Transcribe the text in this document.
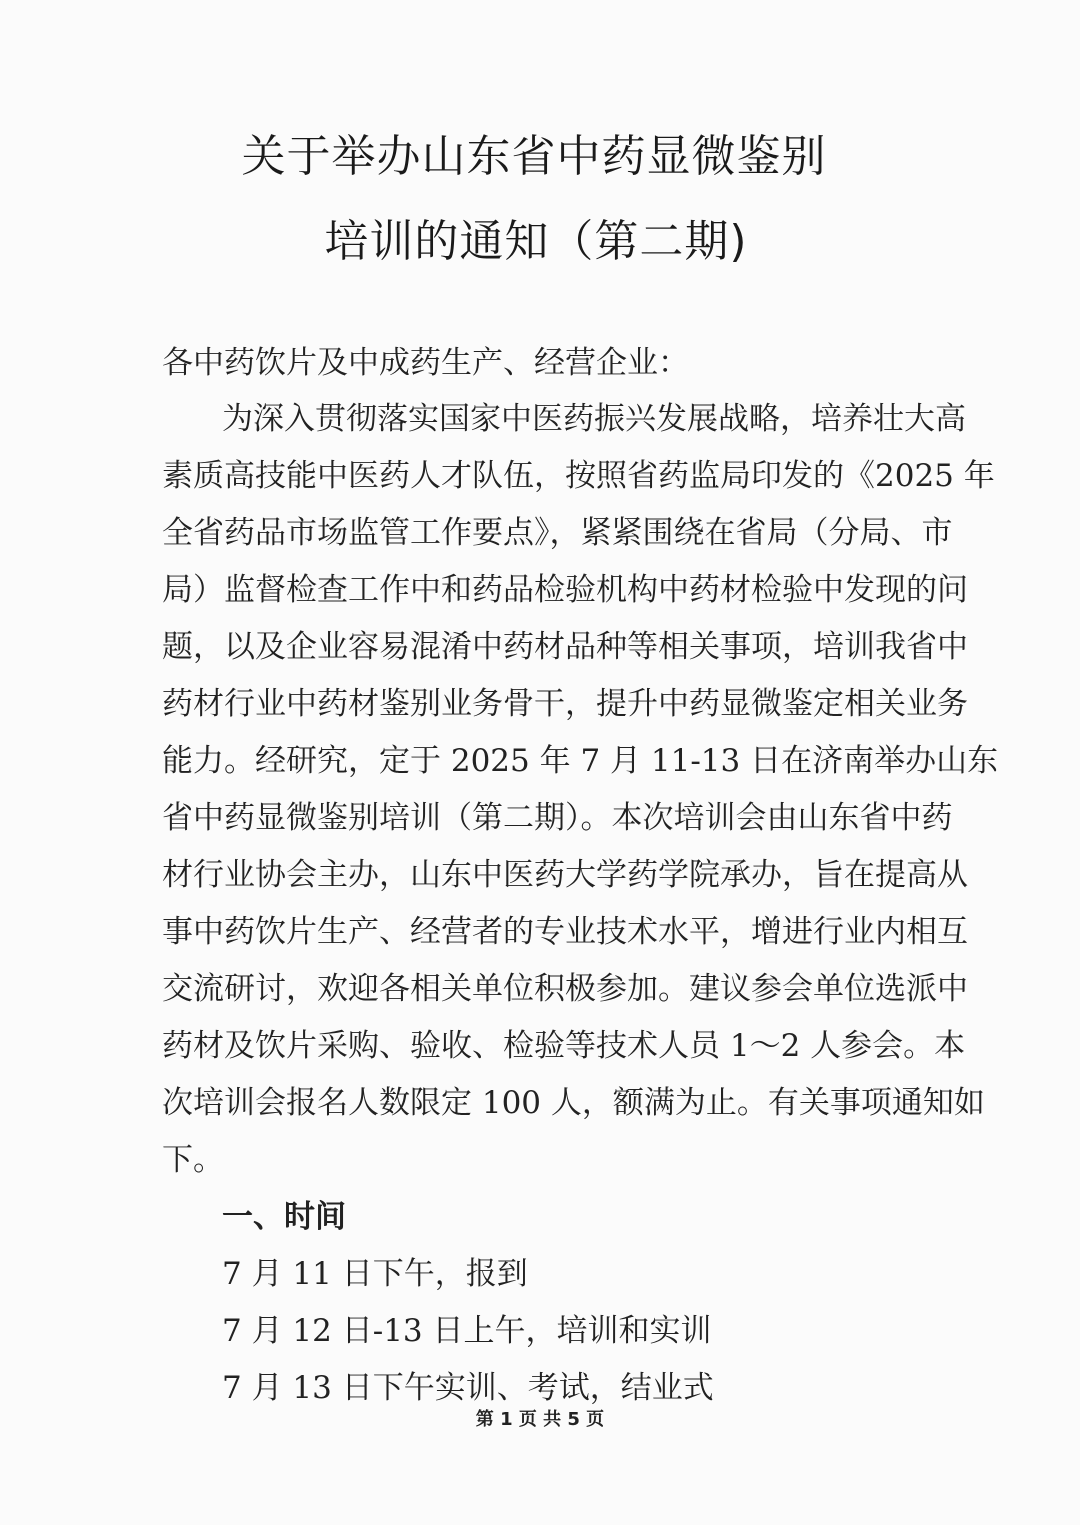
关于举办山东省中药显微鉴别
培训的通知（第二期)
各中药饮片及中成药生产、经营企业：
为深入贯彻落实国家中医药振兴发展战略，培养壮大高
素质高技能中医药人才队伍，按照省药监局印发的《2025 年
全省药品市场监管工作要点》，紧紧围绕在省局（分局、市
局）监督检查工作中和药品检验机构中药材检验中发现的问
题，以及企业容易混淆中药材品种等相关事项，培训我省中
药材行业中药材鉴别业务骨干，提升中药显微鉴定相关业务
能力。经研究，定于 2025 年 7 月 11-13 日在济南举办山东
省中药显微鉴别培训（第二期）。本次培训会由山东省中药
材行业协会主办，山东中医药大学药学院承办，旨在提高从
事中药饮片生产、经营者的专业技术水平，增进行业内相互
交流研讨，欢迎各相关单位积极参加。建议参会单位选派中
药材及饮片采购、验收、检验等技术人员 1～2 人参会。本
次培训会报名人数限定 100 人，额满为止。有关事项通知如
下。
一、时间
7 月 11 日下午，报到
7 月 12 日-13 日上午，培训和实训
7 月 13 日下午实训、考试，结业式
第 1 页 共 5 页
